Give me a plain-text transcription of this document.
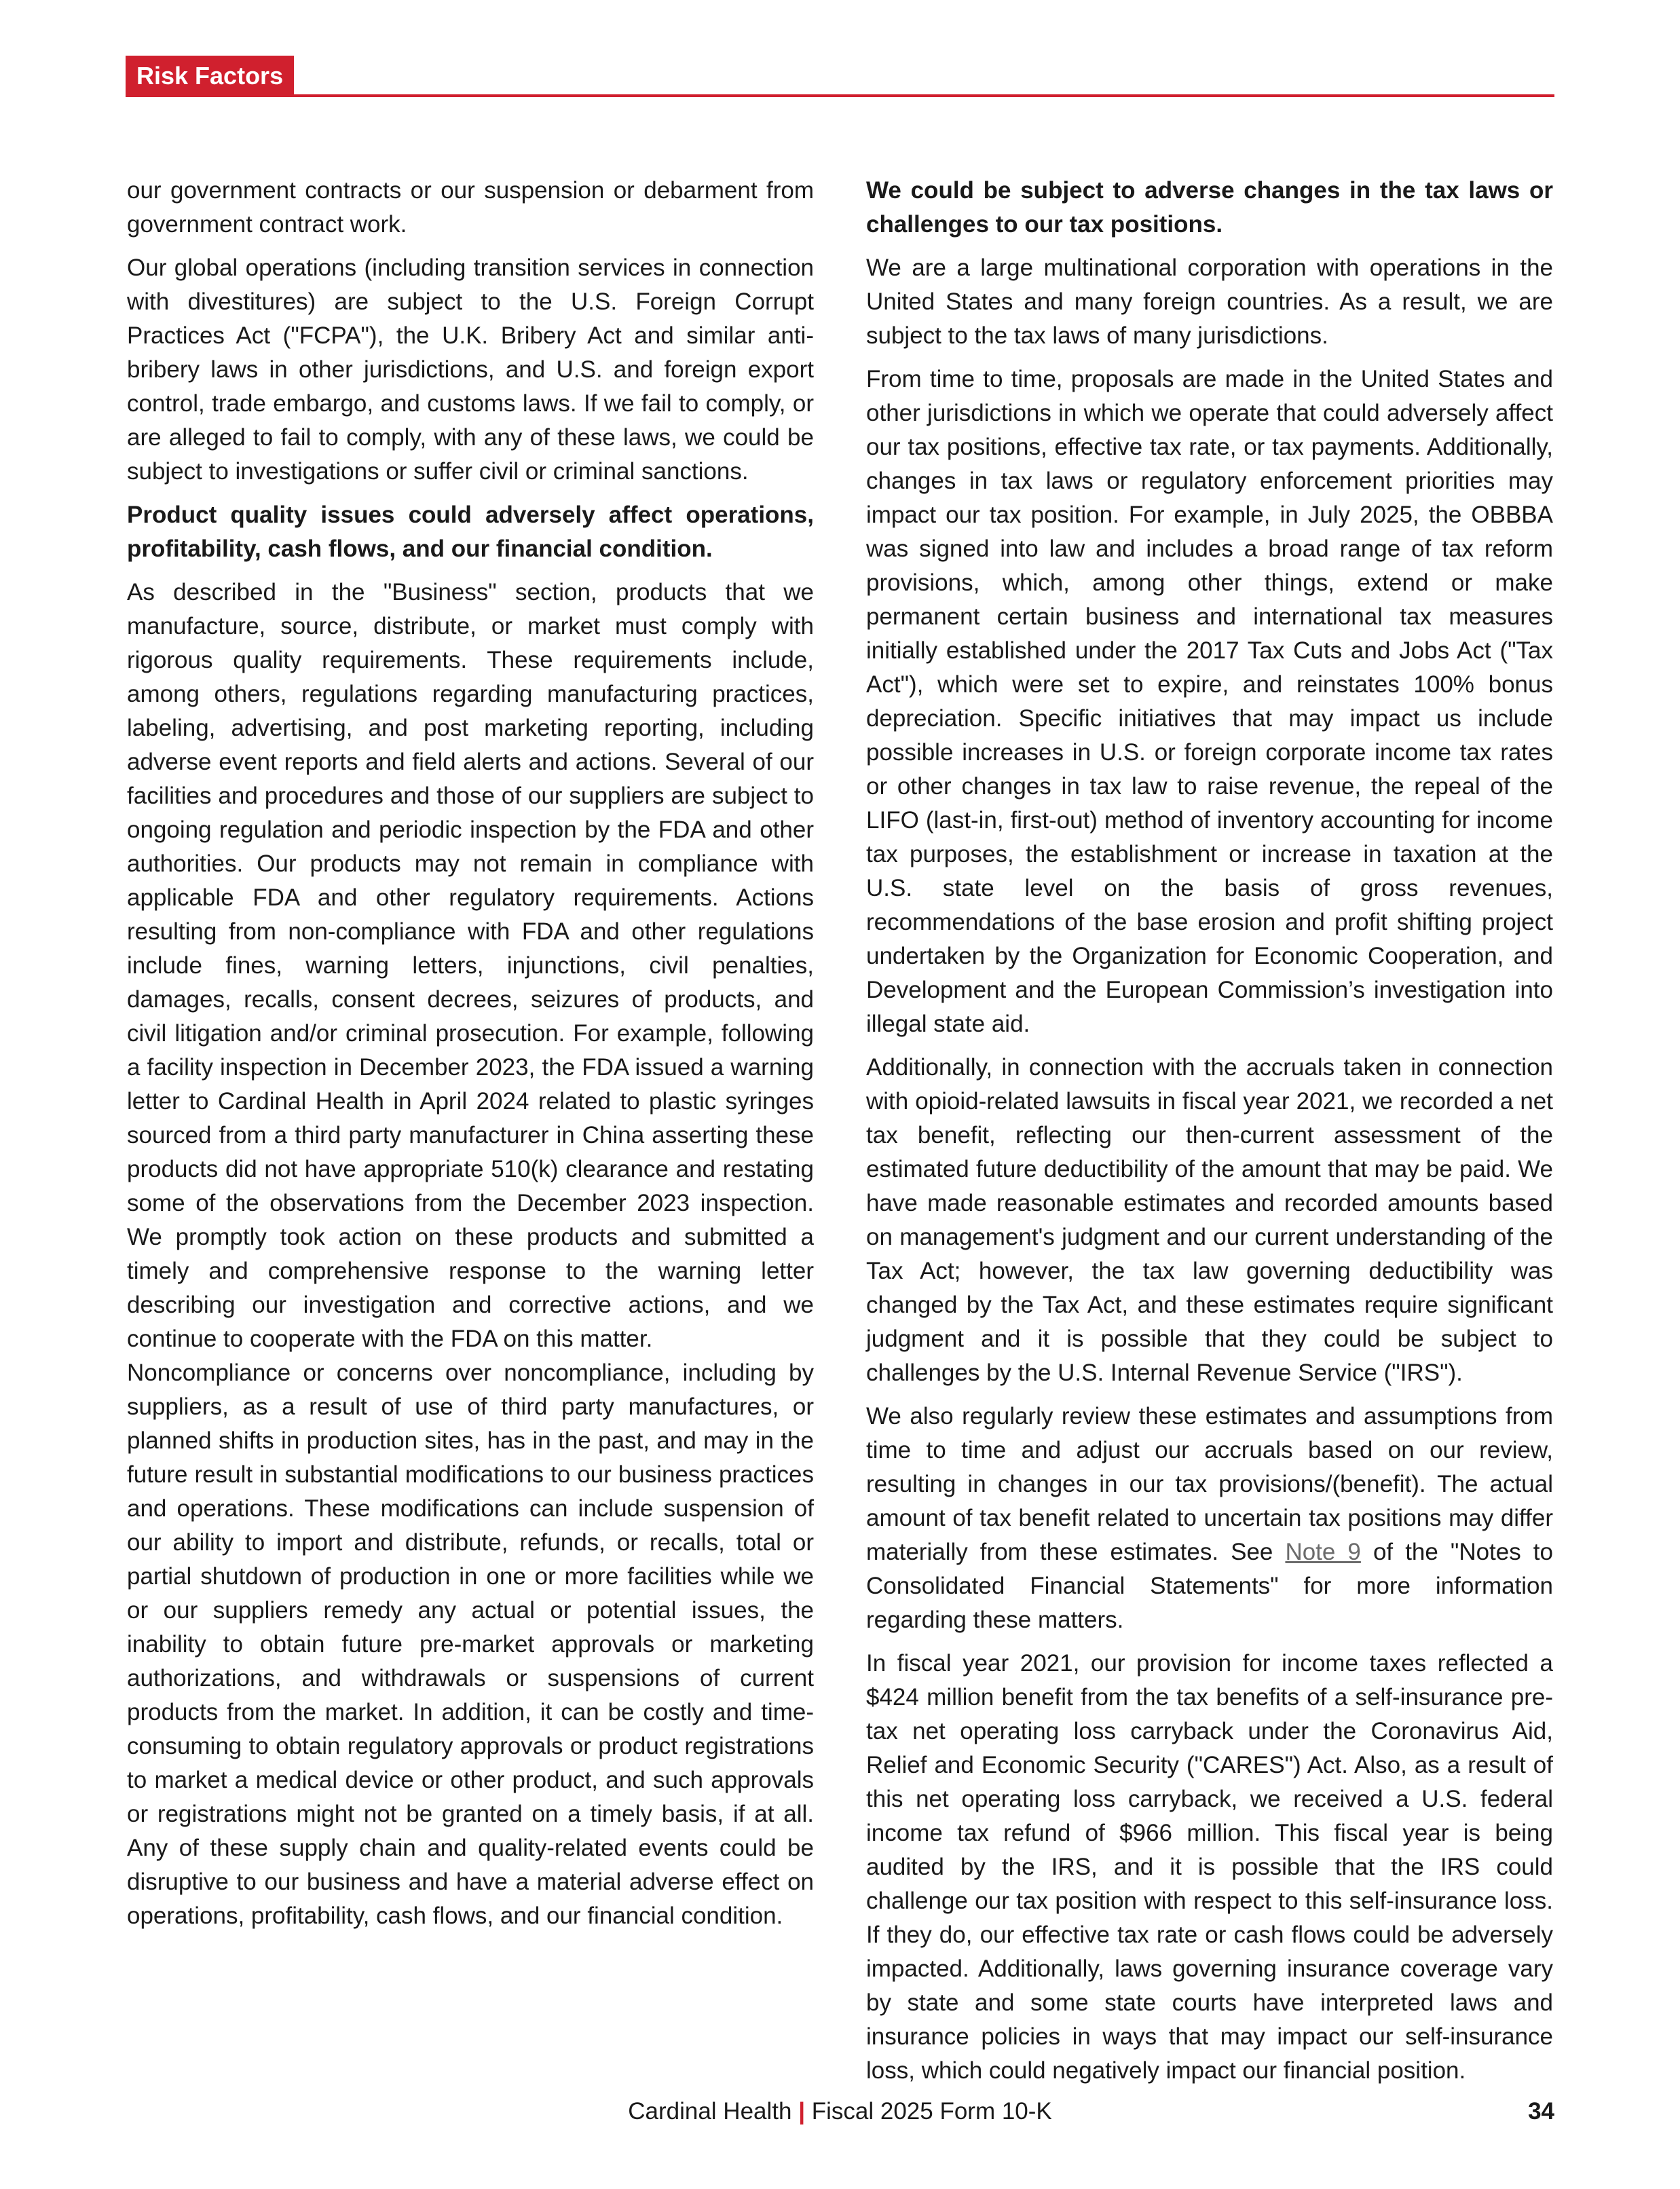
Risk Factors

our government contracts or our suspension or debarment from government contract work.

Our global operations (including transition services in connection with divestitures) are subject to the U.S. Foreign Corrupt Practices Act ("FCPA"), the U.K. Bribery Act and similar anti-bribery laws in other jurisdictions, and U.S. and foreign export control, trade embargo, and customs laws. If we fail to comply, or are alleged to fail to comply, with any of these laws, we could be subject to investigations or suffer civil or criminal sanctions.

Product quality issues could adversely affect operations, profitability, cash flows, and our financial condition.

As described in the "Business" section, products that we manufacture, source, distribute, or market must comply with rigorous quality requirements. These requirements include, among others, regulations regarding manufacturing practices, labeling, advertising, and post marketing reporting, including adverse event reports and field alerts and actions. Several of our facilities and procedures and those of our suppliers are subject to ongoing regulation and periodic inspection by the FDA and other authorities. Our products may not remain in compliance with applicable FDA and other regulatory requirements. Actions resulting from non-compliance with FDA and other regulations include fines, warning letters, injunctions, civil penalties, damages, recalls, consent decrees, seizures of products, and civil litigation and/or criminal prosecution. For example, following a facility inspection in December 2023, the FDA issued a warning letter to Cardinal Health in April 2024 related to plastic syringes sourced from a third party manufacturer in China asserting these products did not have appropriate 510(k) clearance and restating some of the observations from the December 2023 inspection. We promptly took action on these products and submitted a timely and comprehensive response to the warning letter describing our investigation and corrective actions, and we continue to cooperate with the FDA on this matter.

Noncompliance or concerns over noncompliance, including by suppliers, as a result of use of third party manufactures, or planned shifts in production sites, has in the past, and may in the future result in substantial modifications to our business practices and operations. These modifications can include suspension of our ability to import and distribute, refunds, or recalls, total or partial shutdown of production in one or more facilities while we or our suppliers remedy any actual or potential issues, the inability to obtain future pre-market approvals or marketing authorizations, and withdrawals or suspensions of current products from the market. In addition, it can be costly and time-consuming to obtain regulatory approvals or product registrations to market a medical device or other product, and such approvals or registrations might not be granted on a timely basis, if at all. Any of these supply chain and quality-related events could be disruptive to our business and have a material adverse effect on operations, profitability, cash flows, and our financial condition.

We could be subject to adverse changes in the tax laws or challenges to our tax positions.

We are a large multinational corporation with operations in the United States and many foreign countries. As a result, we are subject to the tax laws of many jurisdictions.

From time to time, proposals are made in the United States and other jurisdictions in which we operate that could adversely affect our tax positions, effective tax rate, or tax payments. Additionally, changes in tax laws or regulatory enforcement priorities may impact our tax position. For example, in July 2025, the OBBBA was signed into law and includes a broad range of tax reform provisions, which, among other things, extend or make permanent certain business and international tax measures initially established under the 2017 Tax Cuts and Jobs Act ("Tax Act"), which were set to expire, and reinstates 100% bonus depreciation. Specific initiatives that may impact us include possible increases in U.S. or foreign corporate income tax rates or other changes in tax law to raise revenue, the repeal of the LIFO (last-in, first-out) method of inventory accounting for income tax purposes, the establishment or increase in taxation at the U.S. state level on the basis of gross revenues, recommendations of the base erosion and profit shifting project undertaken by the Organization for Economic Cooperation, and Development and the European Commission’s investigation into illegal state aid.

Additionally, in connection with the accruals taken in connection with opioid-related lawsuits in fiscal year 2021, we recorded a net tax benefit, reflecting our then-current assessment of the estimated future deductibility of the amount that may be paid. We have made reasonable estimates and recorded amounts based on management's judgment and our current understanding of the Tax Act; however, the tax law governing deductibility was changed by the Tax Act, and these estimates require significant judgment and it is possible that they could be subject to challenges by the U.S. Internal Revenue Service ("IRS").

We also regularly review these estimates and assumptions from time to time and adjust our accruals based on our review, resulting in changes in our tax provisions/(benefit). The actual amount of tax benefit related to uncertain tax positions may differ materially from these estimates. See Note 9 of the "Notes to Consolidated Financial Statements" for more information regarding these matters.

In fiscal year 2021, our provision for income taxes reflected a $424 million benefit from the tax benefits of a self-insurance pre-tax net operating loss carryback under the Coronavirus Aid, Relief and Economic Security ("CARES") Act. Also, as a result of this net operating loss carryback, we received a U.S. federal income tax refund of $966 million. This fiscal year is being audited by the IRS, and it is possible that the IRS could challenge our tax position with respect to this self-insurance loss. If they do, our effective tax rate or cash flows could be adversely impacted. Additionally, laws governing insurance coverage vary by state and some state courts have interpreted laws and insurance policies in ways that may impact our self-insurance loss, which could negatively impact our financial position.

Cardinal Health | Fiscal 2025 Form 10-K	34
